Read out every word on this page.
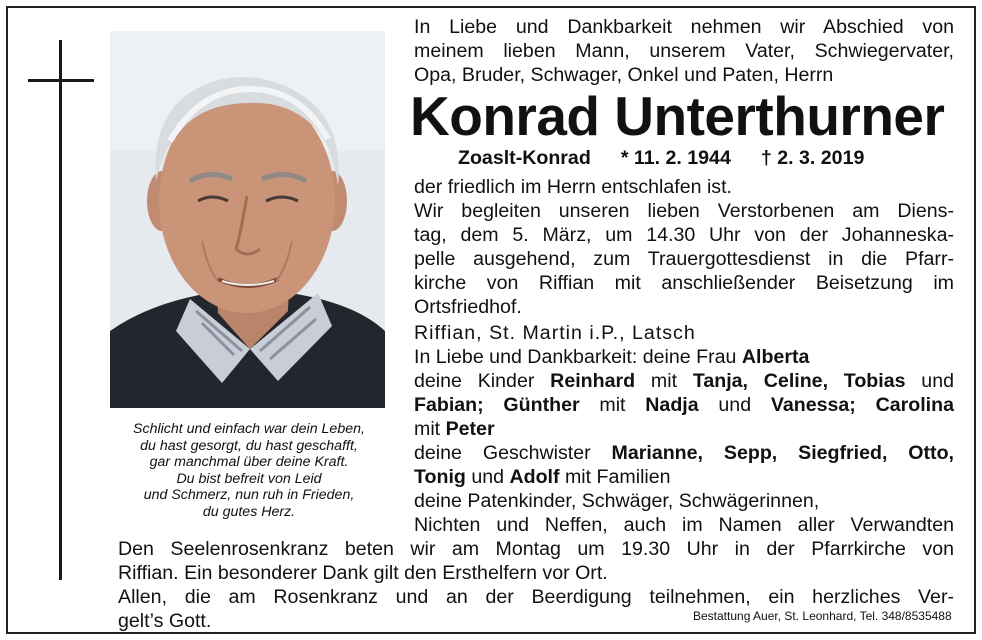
Schlicht und einfach war dein Leben,
du hast gesorgt, du hast geschafft,
gar manchmal über deine Kraft.
Du bist befreit von Leid
und Schmerz, nun ruh in Frieden,
du gutes Herz.
In Liebe und Dankbarkeit nehmen wir Abschied von
meinem lieben Mann, unserem Vater, Schwiegervater,
Opa, Bruder, Schwager, Onkel und Paten, Herrn
Konrad Unterthurner
Zoaslt-Konrad * 11. 2. 1944 † 2. 3. 2019
der friedlich im Herrn entschlafen ist.
Wir begleiten unseren lieben Verstorbenen am Diens-
tag, dem 5. März, um 14.30 Uhr von der Johanneska-
pelle ausgehend, zum Trauergottesdienst in die Pfarr-
kirche von Riffian mit anschließender Beisetzung im
Ortsfriedhof.
Riffian, St. Martin i.P., Latsch
In Liebe und Dankbarkeit: deine Frau Alberta
deine Kinder Reinhard mit Tanja, Celine, Tobias und
Fabian; Günther mit Nadja und Vanessa; Carolina
mit Peter
deine Geschwister Marianne, Sepp, Siegfried, Otto,
Tonig und Adolf mit Familien
deine Patenkinder, Schwäger, Schwägerinnen,
Nichten und Neffen, auch im Namen aller Verwandten
Den Seelenrosenkranz beten wir am Montag um 19.30 Uhr in der Pfarrkirche von
Riffian. Ein besonderer Dank gilt den Ersthelfern vor Ort.
Allen, die am Rosenkranz und an der Beerdigung teilnehmen, ein herzliches Ver-
gelt’s Gott.	Bestattung Auer, St. Leonhard, Tel. 348/8535488
